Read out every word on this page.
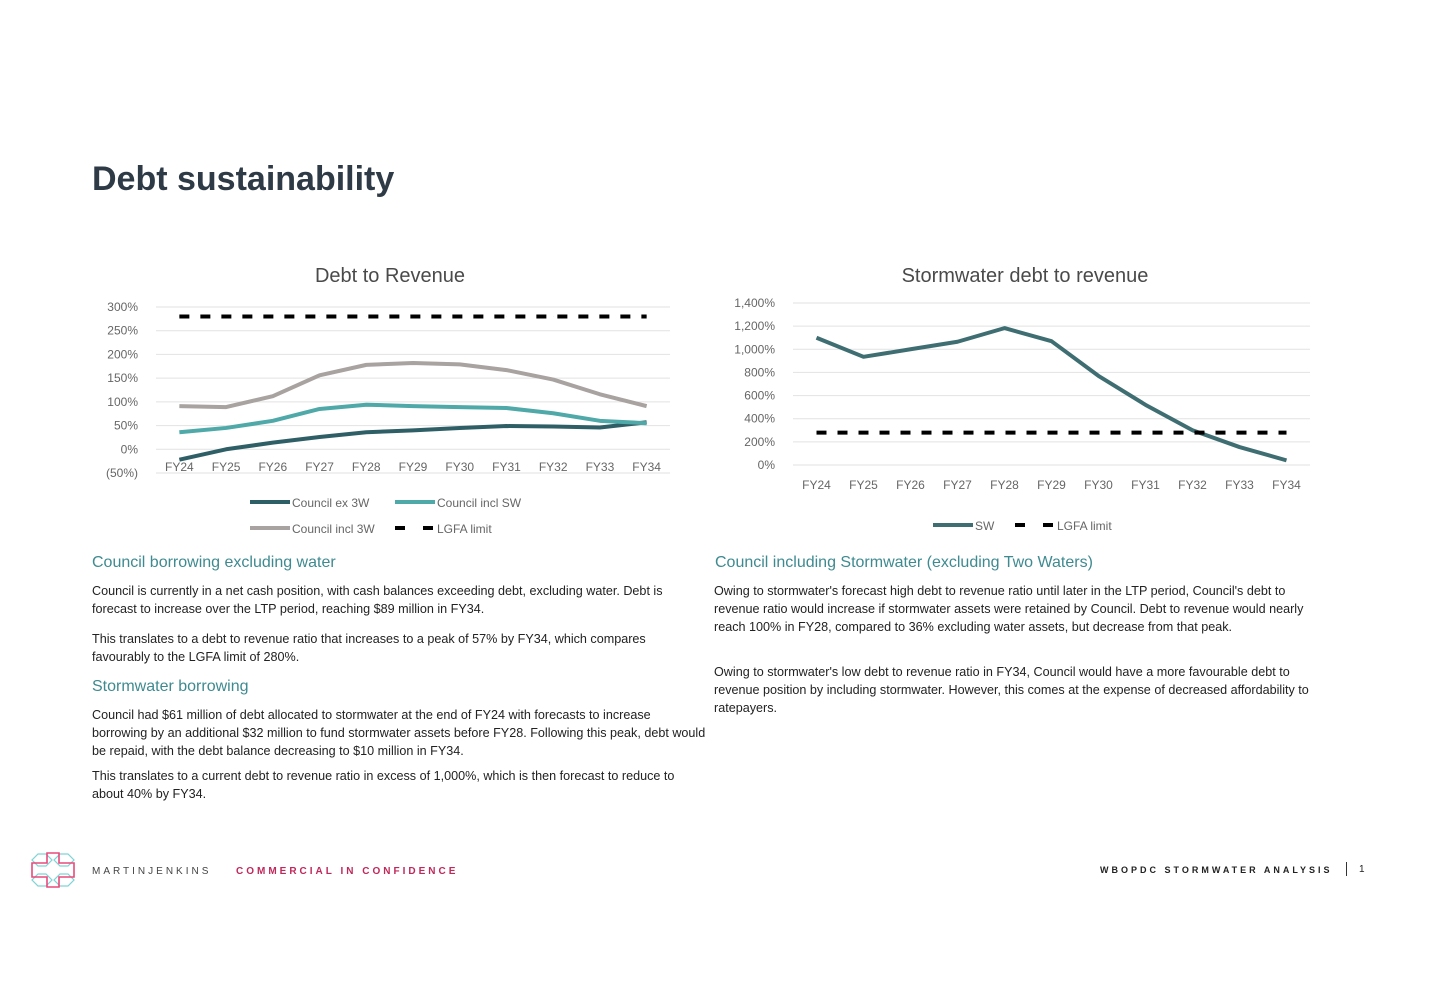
Debt sustainability
Debt to Revenue
(50%)
0%
50%
100%
150%
200%
250%
300%
FY24 FY25 FY26 FY27 FY28 FY29 FY30 FY31 FY32 FY33 FY34
Council ex 3W	Council incl SW
Council incl 3W	LGFA limit
Stormwater debt to revenue
0%
200%
400%
600%
800%
1,000%
1,200%
1,400%
FY24 FY25 FY26 FY27 FY28 FY29 FY30 FY31 FY32 FY33 FY34
SW	LGFA limit
Council borrowing excluding water
Council is currently in a net cash position, with cash balances exceeding debt, excluding water. Debt is forecast to increase over the LTP period, reaching $89 million in FY34.
This translates to a debt to revenue ratio that increases to a peak of 57% by FY34, which compares favourably to the LGFA limit of 280%.
Stormwater borrowing
Council had $61 million of debt allocated to stormwater at the end of FY24 with forecasts to increase borrowing by an additional $32 million to fund stormwater assets before FY28. Following this peak, debt would be repaid, with the debt balance decreasing to $10 million in FY34.
This translates to a current debt to revenue ratio in excess of 1,000%, which is then forecast to reduce to about 40% by FY34.
Council including Stormwater (excluding Two Waters)
Owing to stormwater's forecast high debt to revenue ratio until later in the LTP period, Council's debt to revenue ratio would increase if stormwater assets were retained by Council. Debt to revenue would nearly reach 100% in FY28, compared to 36% excluding water assets, but decrease from that peak.
Owing to stormwater's low debt to revenue ratio in FY34, Council would have a more favourable debt to revenue position by including stormwater. However, this comes at the expense of decreased affordability to ratepayers.
MARTINJENKINS COMMERCIAL IN CONFIDENCE	WBOPDC STORMWATER ANALYSIS	1
